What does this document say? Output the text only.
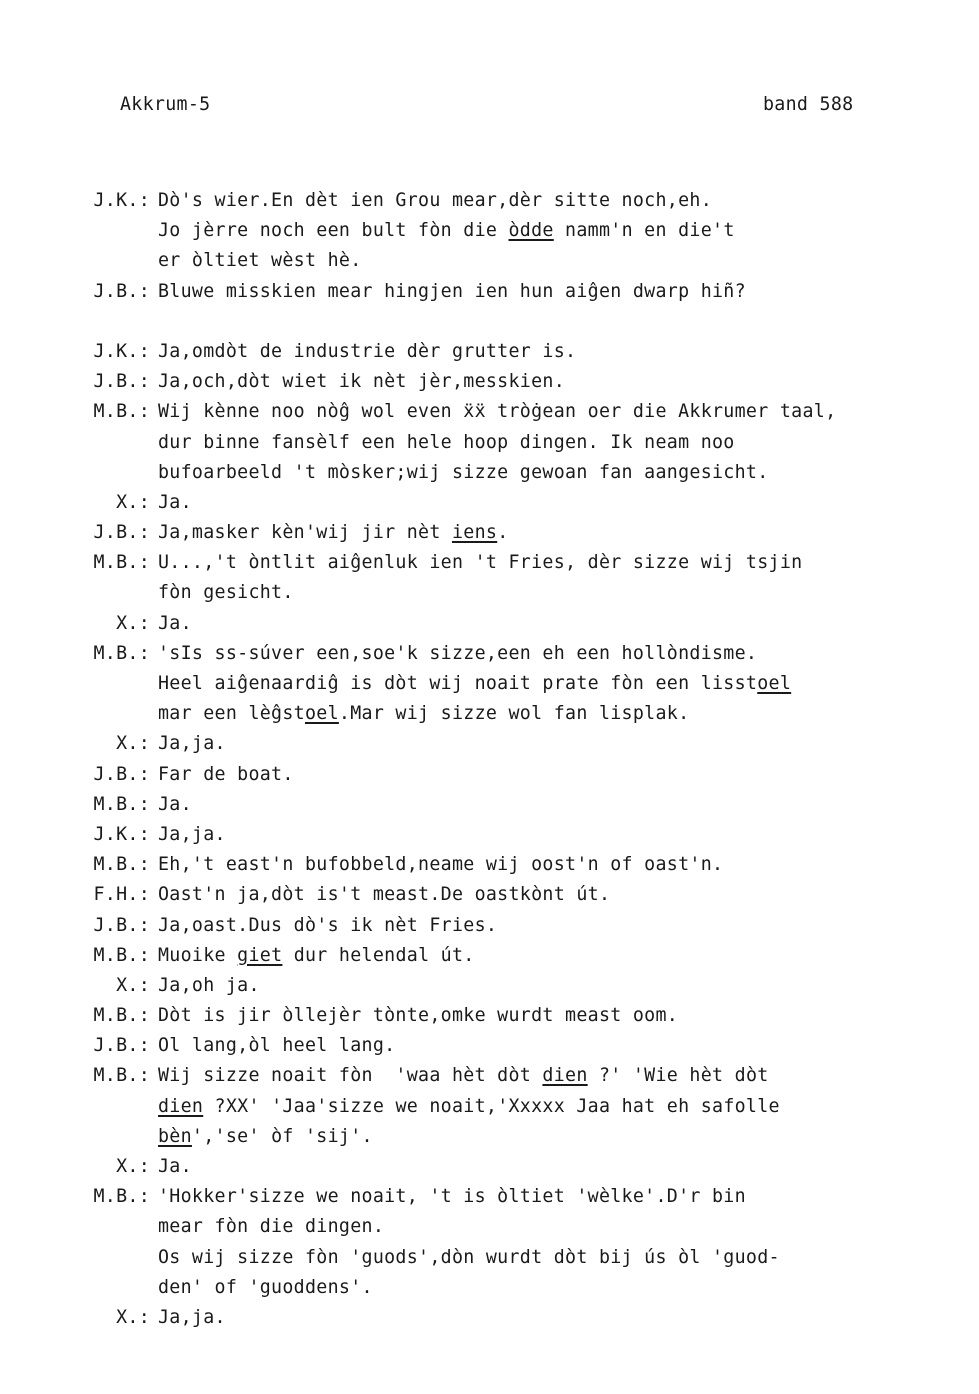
Akkrum-5	band 588
J.K.: Dò's wier.En dèt ien Grou mear,dèr sitte noch,eh.
Jo jèrre noch een bult fòn die òdde namm'n en die't
er òltiet wèst hè.
J.B.: Bluwe misskien mear hingjen ien hun aiĝen dwarp hiñ?
J.K.: Ja,omdòt de industrie dèr grutter is.
J.B.: Ja,och,dòt wiet ik nèt jèr,messkien.
M.B.: Wij kènne noo nòĝ wol even ẍẍ tròġean oer die Akkrumer taal,
dur binne fansèlf een hele hoop dingen. Ik neam noo
bufoarbeeld 't mòsker;wij sizze gewoan fan aangesicht.
X.: Ja.
J.B.: Ja,masker kèn'wij jir nèt iens.
M.B.: U...,'t òntlit aiĝenluk ien 't Fries, dèr sizze wij tsjin
fòn gesicht.
X.: Ja.
M.B.: 'sIs ss-súver een,soe'k sizze,een eh een hollòndisme.
Heel aiĝenaardiĝ is dòt wij noait prate fòn een lisstoel
mar een lèĝstoel.Mar wij sizze wol fan lisplak.
X.: Ja,ja.
J.B.: Far de boat.
M.B.: Ja.
J.K.: Ja,ja.
M.B.: Eh,'t east'n bufobbeld,neame wij oost'n of oast'n.
F.H.: Oast'n ja,dòt is't meast.De oastkònt út.
J.B.: Ja,oast.Dus dò's ik nèt Fries.
M.B.: Muoike giet dur helendal út.
X.: Ja,oh ja.
M.B.: Dòt is jir òllejèr tònte,omke wurdt meast oom.
J.B.: Ol lang,òl heel lang.
M.B.: Wij sizze noait fòn  'waa hèt dòt dien ?' 'Wie hèt dòt
dien ?XX' 'Jaa'sizze we noait,'Xxxxx Jaa hat eh safolle
bèn','se' òf 'sij'.
X.: Ja.
M.B.: 'Hokker'sizze we noait, 't is òltiet 'wèlke'.D'r bin
mear fòn die dingen.
Os wij sizze fòn 'guods',dòn wurdt dòt bij ús òl 'guod-
den' of 'guoddens'.
X.: Ja,ja.
